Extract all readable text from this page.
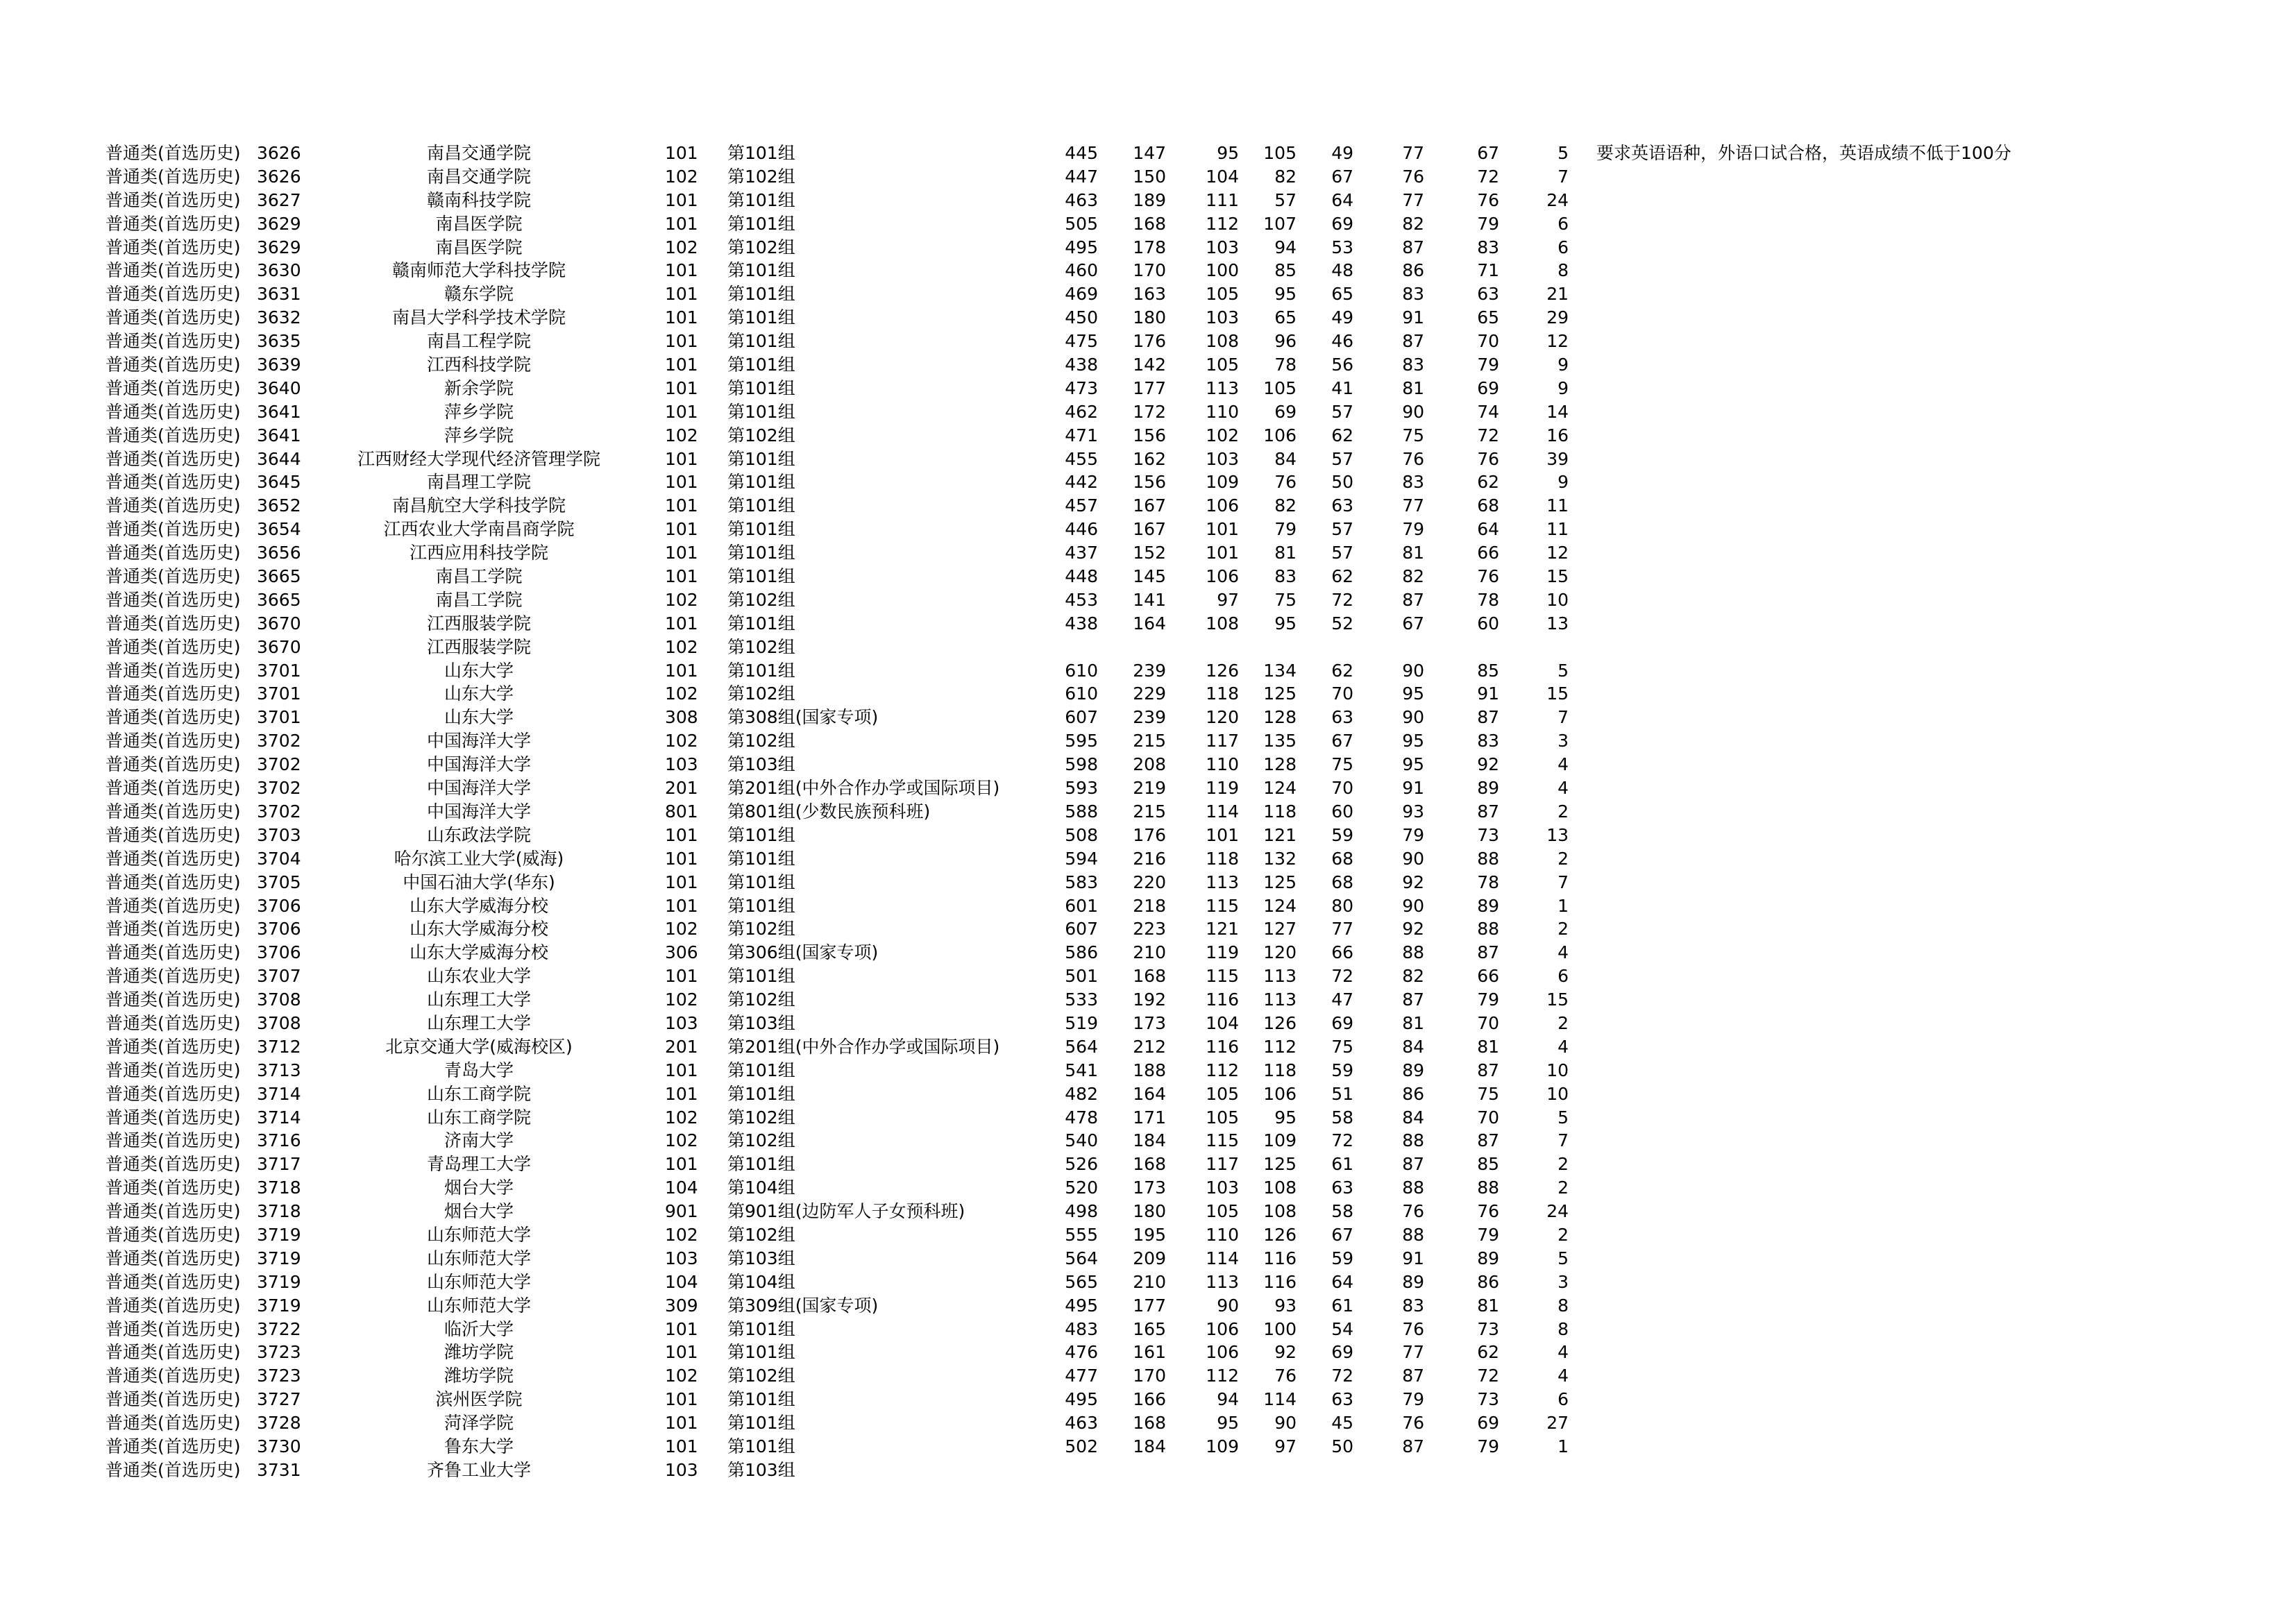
普通类(首选历史) 3626	南昌交通学院	101 第101组	445	147	95	105	49	77	67	5 要求英语语种，外语口试合格，英语成绩不低于100分
普通类(首选历史) 3626	南昌交通学院	102 第102组	447	150	104	82	67	76	72	7
普通类(首选历史) 3627	赣南科技学院	101 第101组	463	189	111	57	64	77	76	24
普通类(首选历史) 3629	南昌医学院	101 第101组	505	168	112	107	69	82	79	6
普通类(首选历史) 3629	南昌医学院	102 第102组	495	178	103	94	53	87	83	6
普通类(首选历史) 3630	赣南师范大学科技学院	101 第101组	460	170	100	85	48	86	71	8
普通类(首选历史) 3631	赣东学院	101 第101组	469	163	105	95	65	83	63	21
普通类(首选历史) 3632	南昌大学科学技术学院	101 第101组	450	180	103	65	49	91	65	29
普通类(首选历史) 3635	南昌工程学院	101 第101组	475	176	108	96	46	87	70	12
普通类(首选历史) 3639	江西科技学院	101 第101组	438	142	105	78	56	83	79	9
普通类(首选历史) 3640	新余学院	101 第101组	473	177	113	105	41	81	69	9
普通类(首选历史) 3641	萍乡学院	101 第101组	462	172	110	69	57	90	74	14
普通类(首选历史) 3641	萍乡学院	102 第102组	471	156	102	106	62	75	72	16
普通类(首选历史) 3644	江西财经大学现代经济管理学院	101 第101组	455	162	103	84	57	76	76	39
普通类(首选历史) 3645	南昌理工学院	101 第101组	442	156	109	76	50	83	62	9
普通类(首选历史) 3652	南昌航空大学科技学院	101 第101组	457	167	106	82	63	77	68	11
普通类(首选历史) 3654	江西农业大学南昌商学院	101 第101组	446	167	101	79	57	79	64	11
普通类(首选历史) 3656	江西应用科技学院	101 第101组	437	152	101	81	57	81	66	12
普通类(首选历史) 3665	南昌工学院	101 第101组	448	145	106	83	62	82	76	15
普通类(首选历史) 3665	南昌工学院	102 第102组	453	141	97	75	72	87	78	10
普通类(首选历史) 3670	江西服装学院	101 第101组	438	164	108	95	52	67	60	13
普通类(首选历史) 3670	江西服装学院	102 第102组
普通类(首选历史) 3701	山东大学	101 第101组	610	239	126	134	62	90	85	5
普通类(首选历史) 3701	山东大学	102 第102组	610	229	118	125	70	95	91	15
普通类(首选历史) 3701	山东大学	308 第308组(国家专项)	607	239	120	128	63	90	87	7
普通类(首选历史) 3702	中国海洋大学	102 第102组	595	215	117	135	67	95	83	3
普通类(首选历史) 3702	中国海洋大学	103 第103组	598	208	110	128	75	95	92	4
普通类(首选历史) 3702	中国海洋大学	201 第201组(中外合作办学或国际项目)	593	219	119	124	70	91	89	4
普通类(首选历史) 3702	中国海洋大学	801 第801组(少数民族预科班)	588	215	114	118	60	93	87	2
普通类(首选历史) 3703	山东政法学院	101 第101组	508	176	101	121	59	79	73	13
普通类(首选历史) 3704	哈尔滨工业大学(威海)	101 第101组	594	216	118	132	68	90	88	2
普通类(首选历史) 3705	中国石油大学(华东)	101 第101组	583	220	113	125	68	92	78	7
普通类(首选历史) 3706	山东大学威海分校	101 第101组	601	218	115	124	80	90	89	1
普通类(首选历史) 3706	山东大学威海分校	102 第102组	607	223	121	127	77	92	88	2
普通类(首选历史) 3706	山东大学威海分校	306 第306组(国家专项)	586	210	119	120	66	88	87	4
普通类(首选历史) 3707	山东农业大学	101 第101组	501	168	115	113	72	82	66	6
普通类(首选历史) 3708	山东理工大学	102 第102组	533	192	116	113	47	87	79	15
普通类(首选历史) 3708	山东理工大学	103 第103组	519	173	104	126	69	81	70	2
普通类(首选历史) 3712	北京交通大学(威海校区)	201 第201组(中外合作办学或国际项目)	564	212	116	112	75	84	81	4
普通类(首选历史) 3713	青岛大学	101 第101组	541	188	112	118	59	89	87	10
普通类(首选历史) 3714	山东工商学院	101 第101组	482	164	105	106	51	86	75	10
普通类(首选历史) 3714	山东工商学院	102 第102组	478	171	105	95	58	84	70	5
普通类(首选历史) 3716	济南大学	102 第102组	540	184	115	109	72	88	87	7
普通类(首选历史) 3717	青岛理工大学	101 第101组	526	168	117	125	61	87	85	2
普通类(首选历史) 3718	烟台大学	104 第104组	520	173	103	108	63	88	88	2
普通类(首选历史) 3718	烟台大学	901 第901组(边防军人子女预科班)	498	180	105	108	58	76	76	24
普通类(首选历史) 3719	山东师范大学	102 第102组	555	195	110	126	67	88	79	2
普通类(首选历史) 3719	山东师范大学	103 第103组	564	209	114	116	59	91	89	5
普通类(首选历史) 3719	山东师范大学	104 第104组	565	210	113	116	64	89	86	3
普通类(首选历史) 3719	山东师范大学	309 第309组(国家专项)	495	177	90	93	61	83	81	8
普通类(首选历史) 3722	临沂大学	101 第101组	483	165	106	100	54	76	73	8
普通类(首选历史) 3723	潍坊学院	101 第101组	476	161	106	92	69	77	62	4
普通类(首选历史) 3723	潍坊学院	102 第102组	477	170	112	76	72	87	72	4
普通类(首选历史) 3727	滨州医学院	101 第101组	495	166	94	114	63	79	73	6
普通类(首选历史) 3728	菏泽学院	101 第101组	463	168	95	90	45	76	69	27
普通类(首选历史) 3730	鲁东大学	101 第101组	502	184	109	97	50	87	79	1
普通类(首选历史) 3731	齐鲁工业大学	103 第103组
